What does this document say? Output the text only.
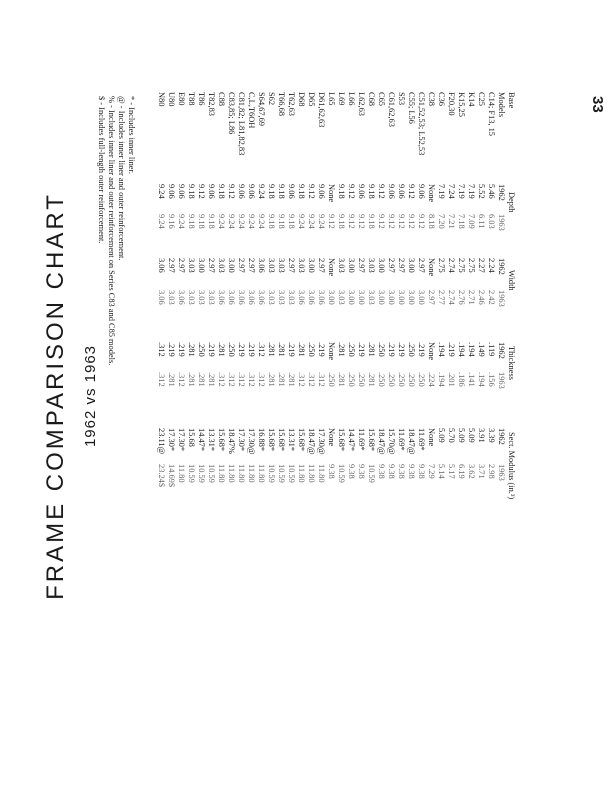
33
Base
Depth
Width
Thickness
Sect. Modulus (in.³)
Models
1962
1963
1962
1963
1962
1963
1962
1963
C14; F13, 15
5.46
6.03
2.24
2.42
.119
.156
3.39
2.98
C25
5.52
6.11
2.27
2.46
.149
.194
3.91
3.71
K14
7.19
7.09
2.75
2.71
.194
.141
5.09
3.62
K15,25
7.19
7.18
2.75
2.76
.194
.186
5.09
6.19
F20,30
7.24
7.21
2.74
2.74
.219
.201
5.70
5.17
C36
7.19
7.20
2.75
2.77
.194
.194
5.09
5.14
C38
None
8.18
None
2.97
None
.224
None
7.29
C51,52,53; L52,53
9.06
9.12
2.97
3.00
.219
.250
11.69*
9.38
C55; L56
9.12
9.12
3.00
3.00
.250
.250
18.47@
9.38
S53
9.06
9.12
2.97
3.00
.219
.250
11.69*
9.38
C61,62,63
9.06
9.12
2.97
3.00
.219
.250
15.70@
9.38
C65
9.12
9.12
3.00
3.00
.250
.250
18.47@
9.38
C68
9.18
9.18
3.03
3.03
.281
.281
15.68*
10.59
L62,63
9.06
9.12
2.97
3.00
.219
.250
11.69*
9.38
L66
9.12
9.12
3.00
3.00
.250
.250
14.47*
9.38
L69
9.18
9.18
3.03
3.03
.281
.281
15.68*
10.59
L65
None
9.12
None
3.00
None
.250
None
9.38
D61,62,63
9.06
9.24
2.97
3.06
.219
.312
17.30@
11.80
D65
9.12
9.24
3.00
3.06
.250
.312
18.47@
11.80
D68
9.18
9.24
3.03
3.06
.281
.312
15.68*
11.80
T62,63
9.06
9.18
2.97
3.03
.219
.281
13.31*
10.59
T66,68
9.18
9.18
3.03
3.03
.281
.281
15.68*
10.59
S62
9.18
9.18
3.03
3.03
.281
.281
15.68*
10.59
S64,67,69
9.24
9.24
3.06
3.06
.312
.312
16.88*
11.80
C,L,T6OH
9.06
9.24
2.97
3.06
.219
.312
17.30@
11.80
C81,82; L81,82,83
9.06
9.24
2.97
3.06
.219
.312
17.30*
11.80
C83,85; L86
9.12
9.24
3.00
3.06
.250
.312
18.47%
11.80
C88
9.18
9.24
3.03
3.06
.281
.312
15.68*
11.80
T82,83
9.06
9.18
2.97
3.03
.219
.281
13.31*
10.59
T86
9.12
9.18
3.00
3.03
.250
.281
14.47*
10.59
T88
9.18
9.18
3.03
3.03
.281
.281
15.68
10.59
E80
9.06
9.24
2.97
3.06
.219
.312
17.30*
11.80
U80
9.06
9.16
2.97
3.03
.219
.281
17.30*
14.69$
N80
9.24
9.24
3.06
3.06
.312
.312
23.11@
23.24$
* - Includes inner liner.
@ - Includes inner liner and outer reinforcement.
% - Includes inner liner and outer reinforcement on Series C83 and C85 models.
$ - Includes full-length outer reinforcement.
1962 vs 1963
FRAME COMPARISON CHART
